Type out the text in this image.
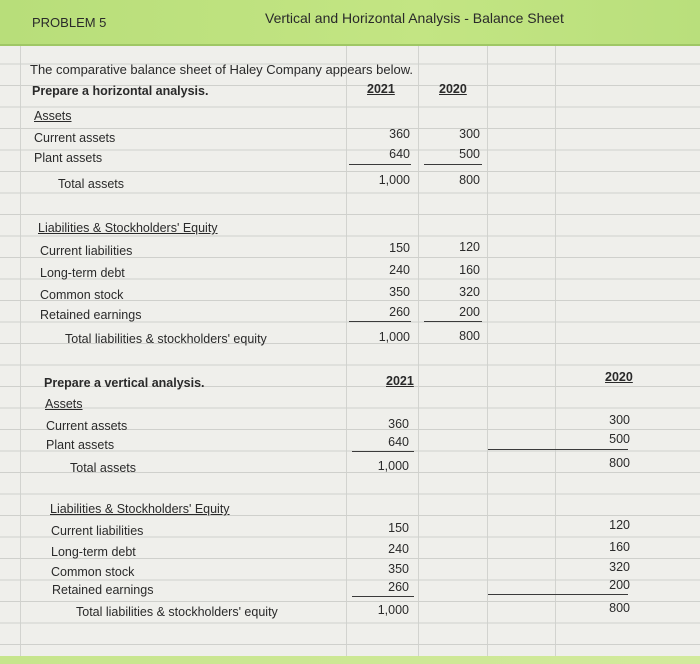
PROBLEM 5	Vertical and Horizontal Analysis - Balance Sheet
The comparative balance sheet of Haley Company appears below.
Prepare a horizontal analysis.	2021	2020
Assets
Current assets	360	300
Plant assets	640	500
Total assets	1,000	800
Liabilities & Stockholders' Equity
Current liabilities	150	120
Long-term debt	240	160
Common stock	350	320
Retained earnings	260	200
Total liabilities & stockholders' equity	1,000	800
Prepare a vertical analysis.	2021	2020
Assets
Current assets	360	300
Plant assets	640	500
Total assets	1,000	800
Liabilities & Stockholders' Equity
Current liabilities	150	120
Long-term debt	240	160
Common stock	350	320
Retained earnings	260	200
Total liabilities & stockholders' equity	1,000	800
